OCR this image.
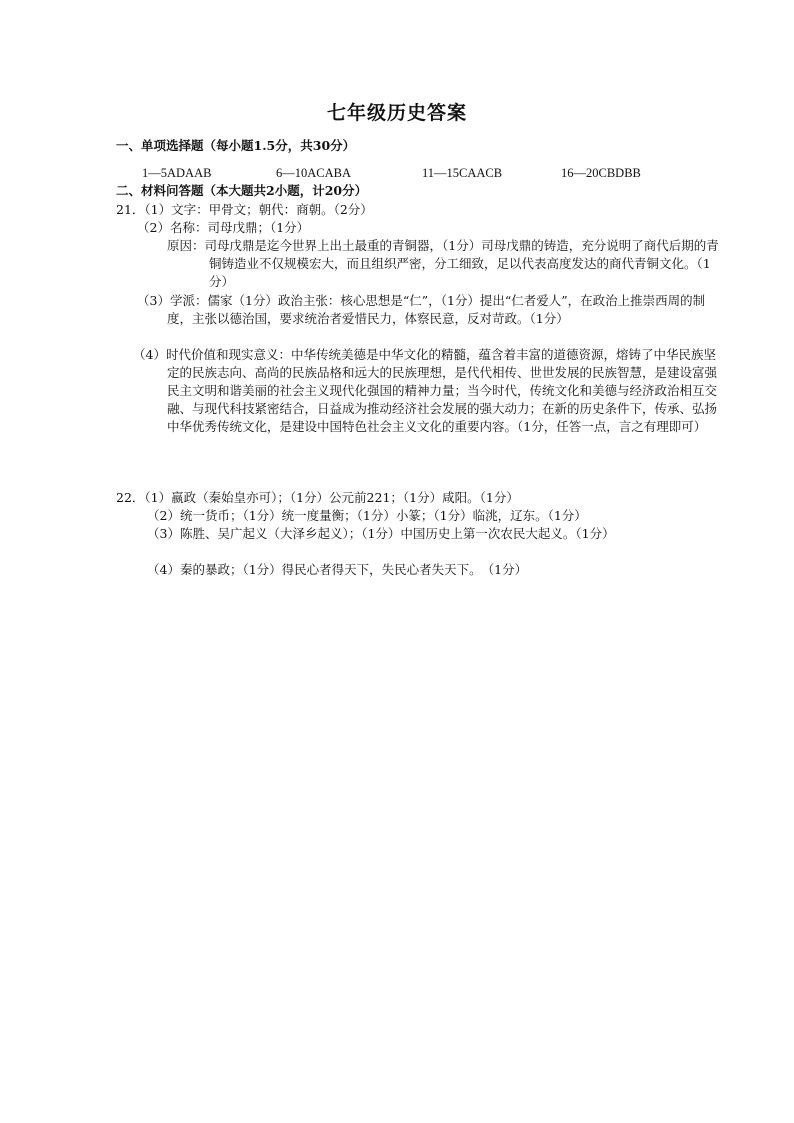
七年级历史答案
一、单项选择题（每小题1.5分，共30分）
1—5ADAAB	6—10ACABA	11—15CAACB	16—20CBDBB
二、材料问答题（本大题共2小题，计20分）
21．（1）文字：甲骨文；朝代：商朝。（2分）
（2）名称：司母戊鼎；（1分）
原因：司母戊鼎是迄今世界上出土最重的青铜器，（1分）司母戊鼎的铸造，充分说明了商代后期的青铜铸造业不仅规模宏大，而且组织严密，分工细致，足以代表高度发达的商代青铜文化。（1分）
（3）学派：儒家（1分）政治主张：核心思想是“仁”，（1分）提出“仁者爱人”，在政治上推崇西周的制度，主张以德治国，要求统治者爱惜民力，体察民意，反对苛政。（1分）
（4）时代价值和现实意义：中华传统美德是中华文化的精髓，蕴含着丰富的道德资源，熔铸了中华民族坚定的民族志向、高尚的民族品格和远大的民族理想，是代代相传、世世发展的民族智慧，是建设富强民主文明和谐美丽的社会主义现代化强国的精神力量；当今时代，传统文化和美德与经济政治相互交融、与现代科技紧密结合，日益成为推动经济社会发展的强大动力；在新的历史条件下，传承、弘扬中华优秀传统文化，是建设中国特色社会主义文化的重要内容。（1分，任答一点，言之有理即可）
22．（1）嬴政（秦始皇亦可）；（1分）公元前221；（1分）咸阳。（1分）
（2）统一货币；（1分）统一度量衡；（1分）小篆；（1分）临洮，辽东。（1分）
（3）陈胜、吴广起义（大泽乡起义）；（1分）中国历史上第一次农民大起义。（1分）
（4）秦的暴政；（1分）得民心者得天下，失民心者失天下。　（1分）
